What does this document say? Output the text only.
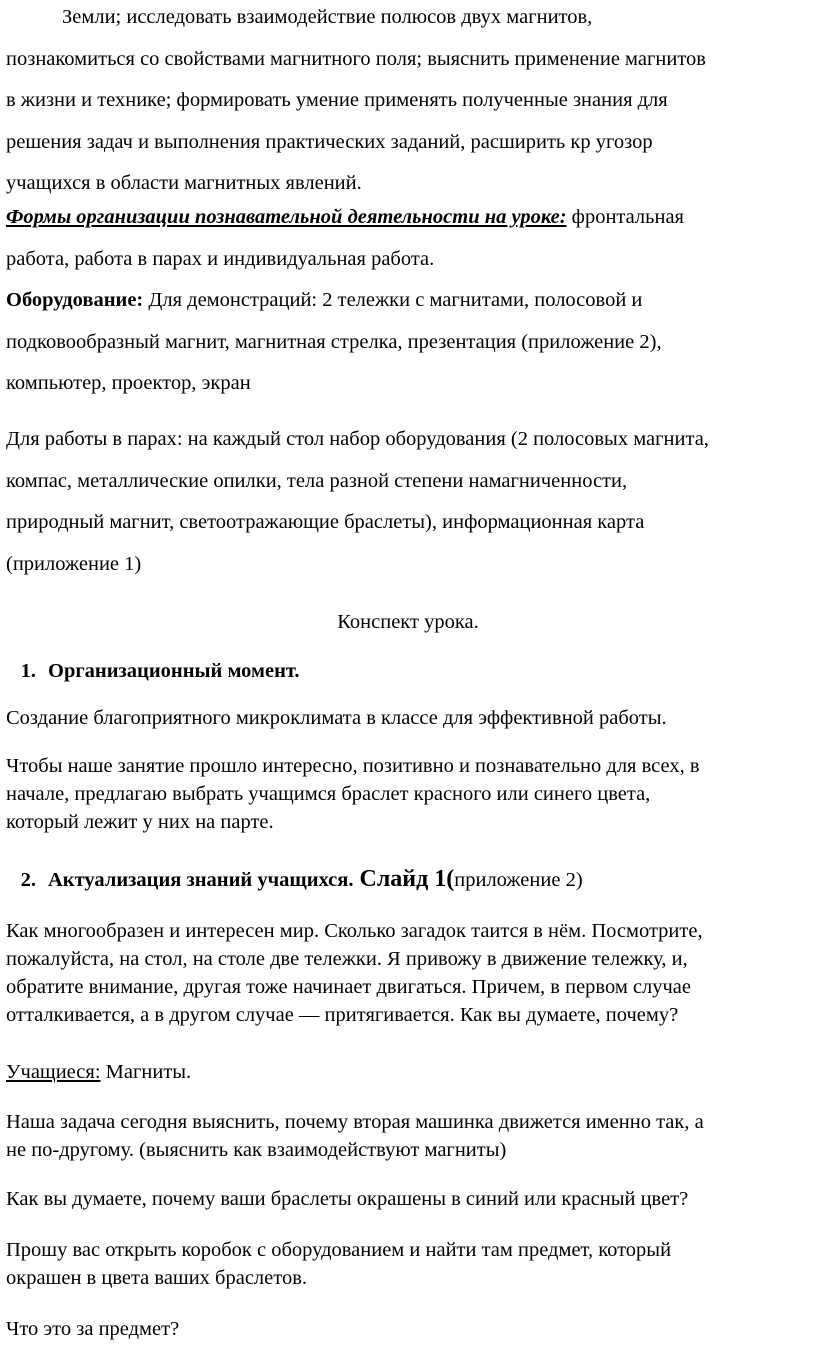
Земли; исследовать взаимодействие полюсов двух магнитов,

познакомиться со свойствами магнитного поля; выяснить применение магнитов

в жизни и технике; формировать умение применять полученные знания для

решения задач и выполнения практических заданий, расширить кр угозор

учащихся в области магнитных явлений.

Формы организации познавательной деятельности на уроке: фронтальная

работа, работа в парах и индивидуальная работа.

Оборудование: Для демонстраций: 2 тележки с магнитами, полосовой и

подковообразный магнит, магнитная стрелка, презентация (приложение 2),

компьютер, проектор, экран

Для работы в парах: на каждый стол набор оборудования (2 полосовых магнита,

компас, металлические опилки, тела разной степени намагниченности,

природный магнит, светоотражающие браслеты), информационная карта

(приложение 1)

Конспект урока.

1. Организационный момент.

Создание благоприятного микроклимата в классе для эффективной работы.

Чтобы наше занятие прошло интересно, позитивно и познавательно для всех, в

начале, предлагаю выбрать учащимся браслет красного или синего цвета,

который лежит у них на парте.

2. Актуализация знаний учащихся. Слайд 1(приложение 2)

Как многообразен и интересен мир. Сколько загадок таится в нём. Посмотрите,

пожалуйста, на стол, на столе две тележки. Я привожу в движение тележку, и,

обратите внимание, другая тоже начинает двигаться. Причем, в первом случае

отталкивается, а в другом случае — притягивается. Как вы думаете, почему?

Учащиеся: Магниты.

Наша задача сегодня выяснить, почему вторая машинка движется именно так, а

не по-другому. (выяснить как взаимодействуют магниты)

Как вы думаете, почему ваши браслеты окрашены в синий или красный цвет?

Прошу вас открыть коробок с оборудованием и найти там предмет, который

окрашен в цвета ваших браслетов.

Что это за предмет?
